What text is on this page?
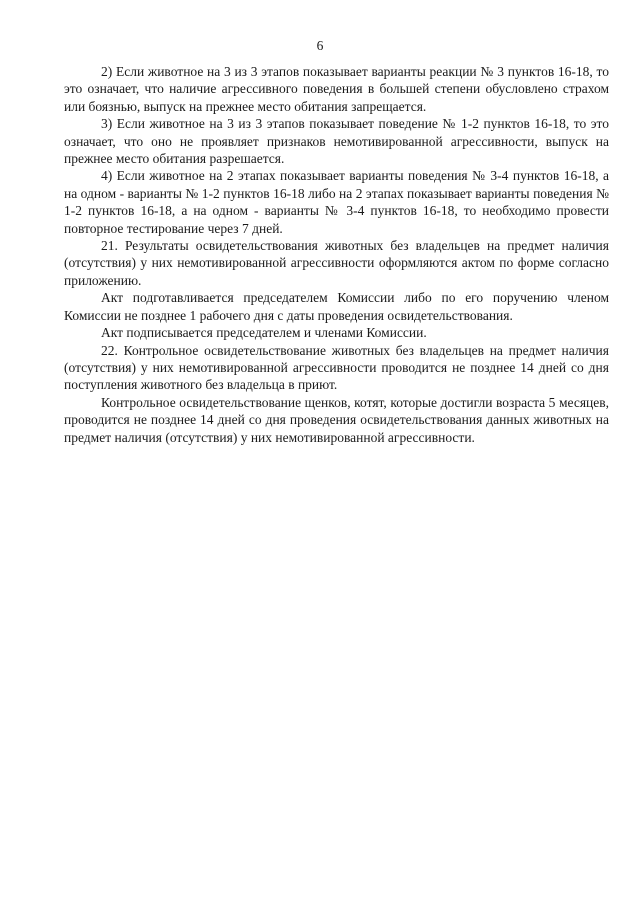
6

2) Если животное на 3 из 3 этапов показывает варианты реакции № 3 пунктов 16-18, то это означает, что наличие агрессивного поведения в большей степени обусловлено страхом или боязнью, выпуск на прежнее место обитания запрещается.

3) Если животное на 3 из 3 этапов показывает поведение № 1-2 пунктов 16-18, то это означает, что оно не проявляет признаков немотивированной агрессивности, выпуск на прежнее место обитания разрешается.

4) Если животное на 2 этапах показывает варианты поведения № 3-4 пунктов 16-18, а на одном - варианты № 1-2 пунктов 16-18 либо на 2 этапах показывает варианты поведения № 1-2 пунктов 16-18, а на одном - варианты № 3-4 пунктов 16-18, то необходимо провести повторное тестирование через 7 дней.

21. Результаты освидетельствования животных без владельцев на предмет наличия (отсутствия) у них немотивированной агрессивности оформляются актом по форме согласно приложению.

Акт подготавливается председателем Комиссии либо по его поручению членом Комиссии не позднее 1 рабочего дня с даты проведения освидетельствования.

Акт подписывается председателем и членами Комиссии.

22. Контрольное освидетельствование животных без владельцев на предмет наличия (отсутствия) у них немотивированной агрессивности проводится не позднее 14 дней со дня поступления животного без владельца в приют.

Контрольное освидетельствование щенков, котят, которые достигли возраста 5 месяцев, проводится не позднее 14 дней со дня проведения освидетельствования данных животных на предмет наличия (отсутствия) у них немотивированной агрессивности.
